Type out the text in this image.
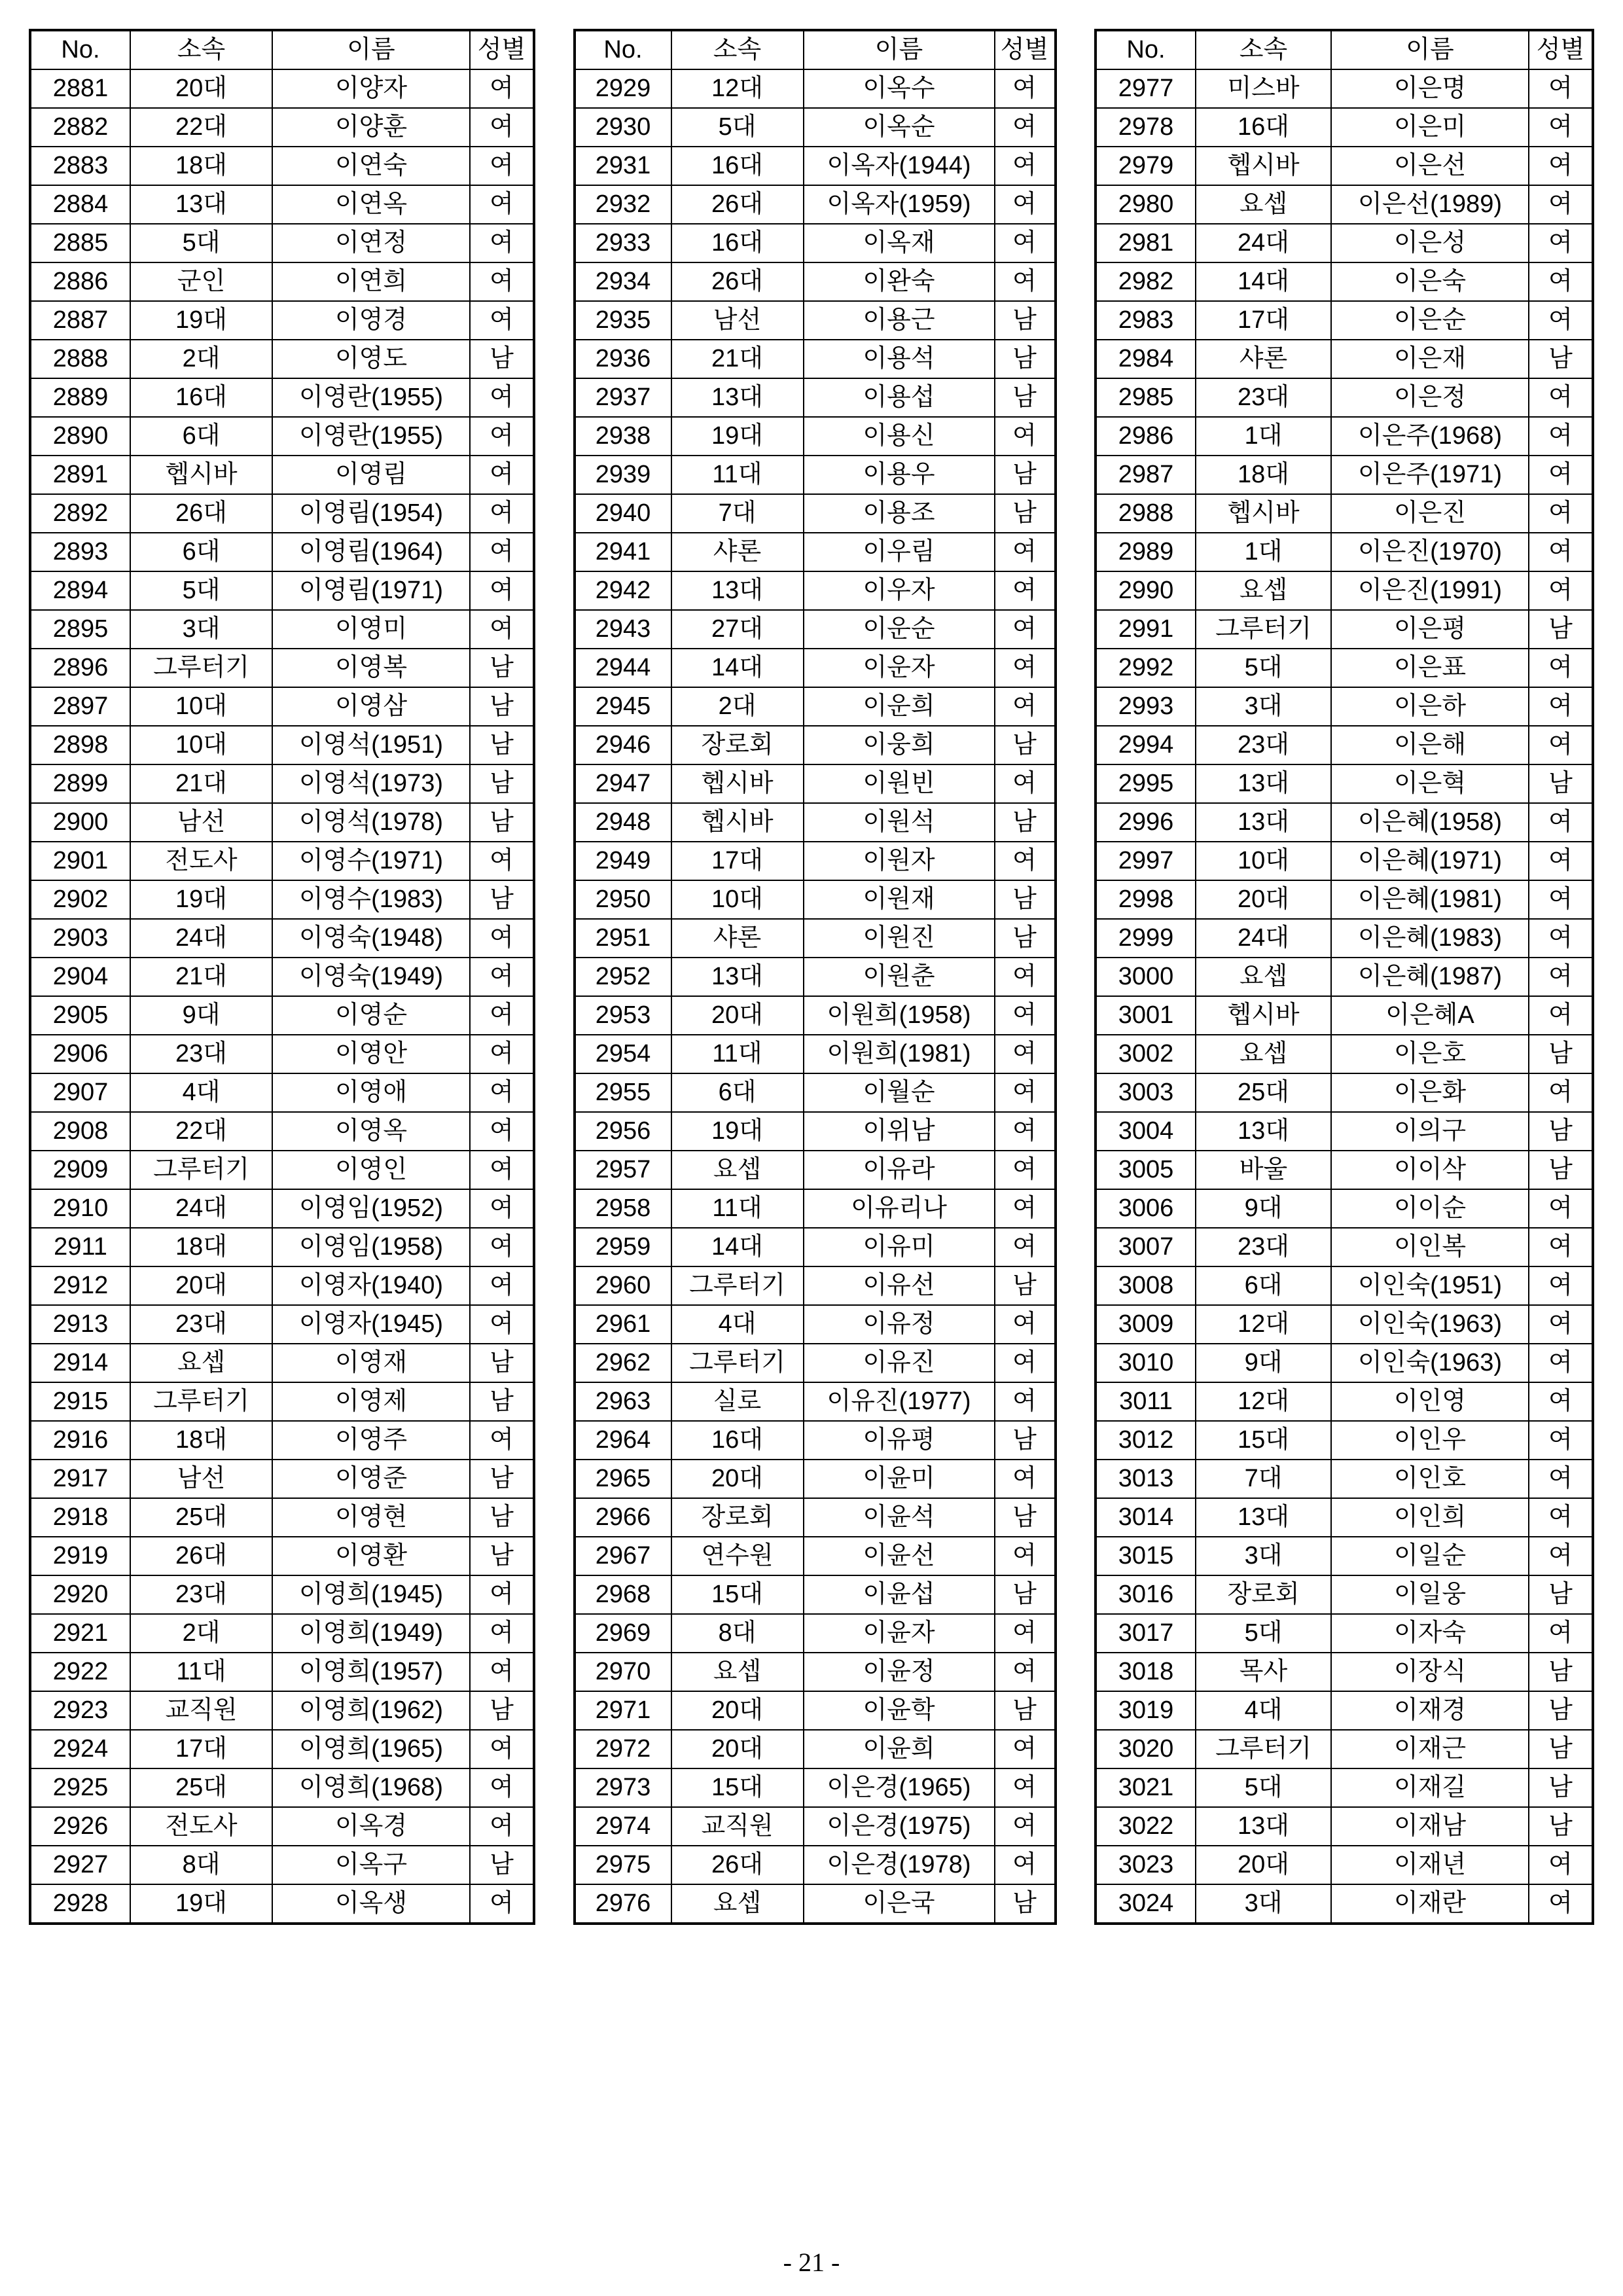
No.	소속	이름	성별
2881	20대	이양자	여
2882	22대	이양훈	여
2883	18대	이연숙	여
2884	13대	이연옥	여
2885	5대	이연정	여
2886	군인	이연희	여
2887	19대	이영경	여
2888	2대	이영도	남
2889	16대	이영란(1955)	여
2890	6대	이영란(1955)	여
2891	헵시바	이영림	여
2892	26대	이영림(1954)	여
2893	6대	이영림(1964)	여
2894	5대	이영림(1971)	여
2895	3대	이영미	여
2896	그루터기	이영복	남
2897	10대	이영삼	남
2898	10대	이영석(1951)	남
2899	21대	이영석(1973)	남
2900	남선	이영석(1978)	남
2901	전도사	이영수(1971)	여
2902	19대	이영수(1983)	남
2903	24대	이영숙(1948)	여
2904	21대	이영숙(1949)	여
2905	9대	이영순	여
2906	23대	이영안	여
2907	4대	이영애	여
2908	22대	이영옥	여
2909	그루터기	이영인	여
2910	24대	이영임(1952)	여
2911	18대	이영임(1958)	여
2912	20대	이영자(1940)	여
2913	23대	이영자(1945)	여
2914	요셉	이영재	남
2915	그루터기	이영제	남
2916	18대	이영주	여
2917	남선	이영준	남
2918	25대	이영현	남
2919	26대	이영환	남
2920	23대	이영희(1945)	여
2921	2대	이영희(1949)	여
2922	11대	이영희(1957)	여
2923	교직원	이영희(1962)	남
2924	17대	이영희(1965)	여
2925	25대	이영희(1968)	여
2926	전도사	이옥경	여
2927	8대	이옥구	남
2928	19대	이옥생	여
No.	소속	이름	성별
2929	12대	이옥수	여
2930	5대	이옥순	여
2931	16대	이옥자(1944)	여
2932	26대	이옥자(1959)	여
2933	16대	이옥재	여
2934	26대	이완숙	여
2935	남선	이용근	남
2936	21대	이용석	남
2937	13대	이용섭	남
2938	19대	이용신	여
2939	11대	이용우	남
2940	7대	이용조	남
2941	샤론	이우림	여
2942	13대	이우자	여
2943	27대	이운순	여
2944	14대	이운자	여
2945	2대	이운희	여
2946	장로회	이웅희	남
2947	헵시바	이원빈	여
2948	헵시바	이원석	남
2949	17대	이원자	여
2950	10대	이원재	남
2951	샤론	이원진	남
2952	13대	이원춘	여
2953	20대	이원희(1958)	여
2954	11대	이원희(1981)	여
2955	6대	이월순	여
2956	19대	이위남	여
2957	요셉	이유라	여
2958	11대	이유리나	여
2959	14대	이유미	여
2960	그루터기	이유선	남
2961	4대	이유정	여
2962	그루터기	이유진	여
2963	실로	이유진(1977)	여
2964	16대	이유평	남
2965	20대	이윤미	여
2966	장로회	이윤석	남
2967	연수원	이윤선	여
2968	15대	이윤섭	남
2969	8대	이윤자	여
2970	요셉	이윤정	여
2971	20대	이윤학	남
2972	20대	이윤희	여
2973	15대	이은경(1965)	여
2974	교직원	이은경(1975)	여
2975	26대	이은경(1978)	여
2976	요셉	이은국	남
No.	소속	이름	성별
2977	미스바	이은명	여
2978	16대	이은미	여
2979	헵시바	이은선	여
2980	요셉	이은선(1989)	여
2981	24대	이은성	여
2982	14대	이은숙	여
2983	17대	이은순	여
2984	샤론	이은재	남
2985	23대	이은정	여
2986	1대	이은주(1968)	여
2987	18대	이은주(1971)	여
2988	헵시바	이은진	여
2989	1대	이은진(1970)	여
2990	요셉	이은진(1991)	여
2991	그루터기	이은평	남
2992	5대	이은표	여
2993	3대	이은하	여
2994	23대	이은해	여
2995	13대	이은혁	남
2996	13대	이은혜(1958)	여
2997	10대	이은혜(1971)	여
2998	20대	이은혜(1981)	여
2999	24대	이은혜(1983)	여
3000	요셉	이은혜(1987)	여
3001	헵시바	이은혜A	여
3002	요셉	이은호	남
3003	25대	이은화	여
3004	13대	이의구	남
3005	바울	이이삭	남
3006	9대	이이순	여
3007	23대	이인복	여
3008	6대	이인숙(1951)	여
3009	12대	이인숙(1963)	여
3010	9대	이인숙(1963)	여
3011	12대	이인영	여
3012	15대	이인우	여
3013	7대	이인호	여
3014	13대	이인희	여
3015	3대	이일순	여
3016	장로회	이일웅	남
3017	5대	이자숙	여
3018	목사	이장식	남
3019	4대	이재경	남
3020	그루터기	이재근	남
3021	5대	이재길	남
3022	13대	이재남	남
3023	20대	이재년	여
3024	3대	이재란	여
- 21 -
